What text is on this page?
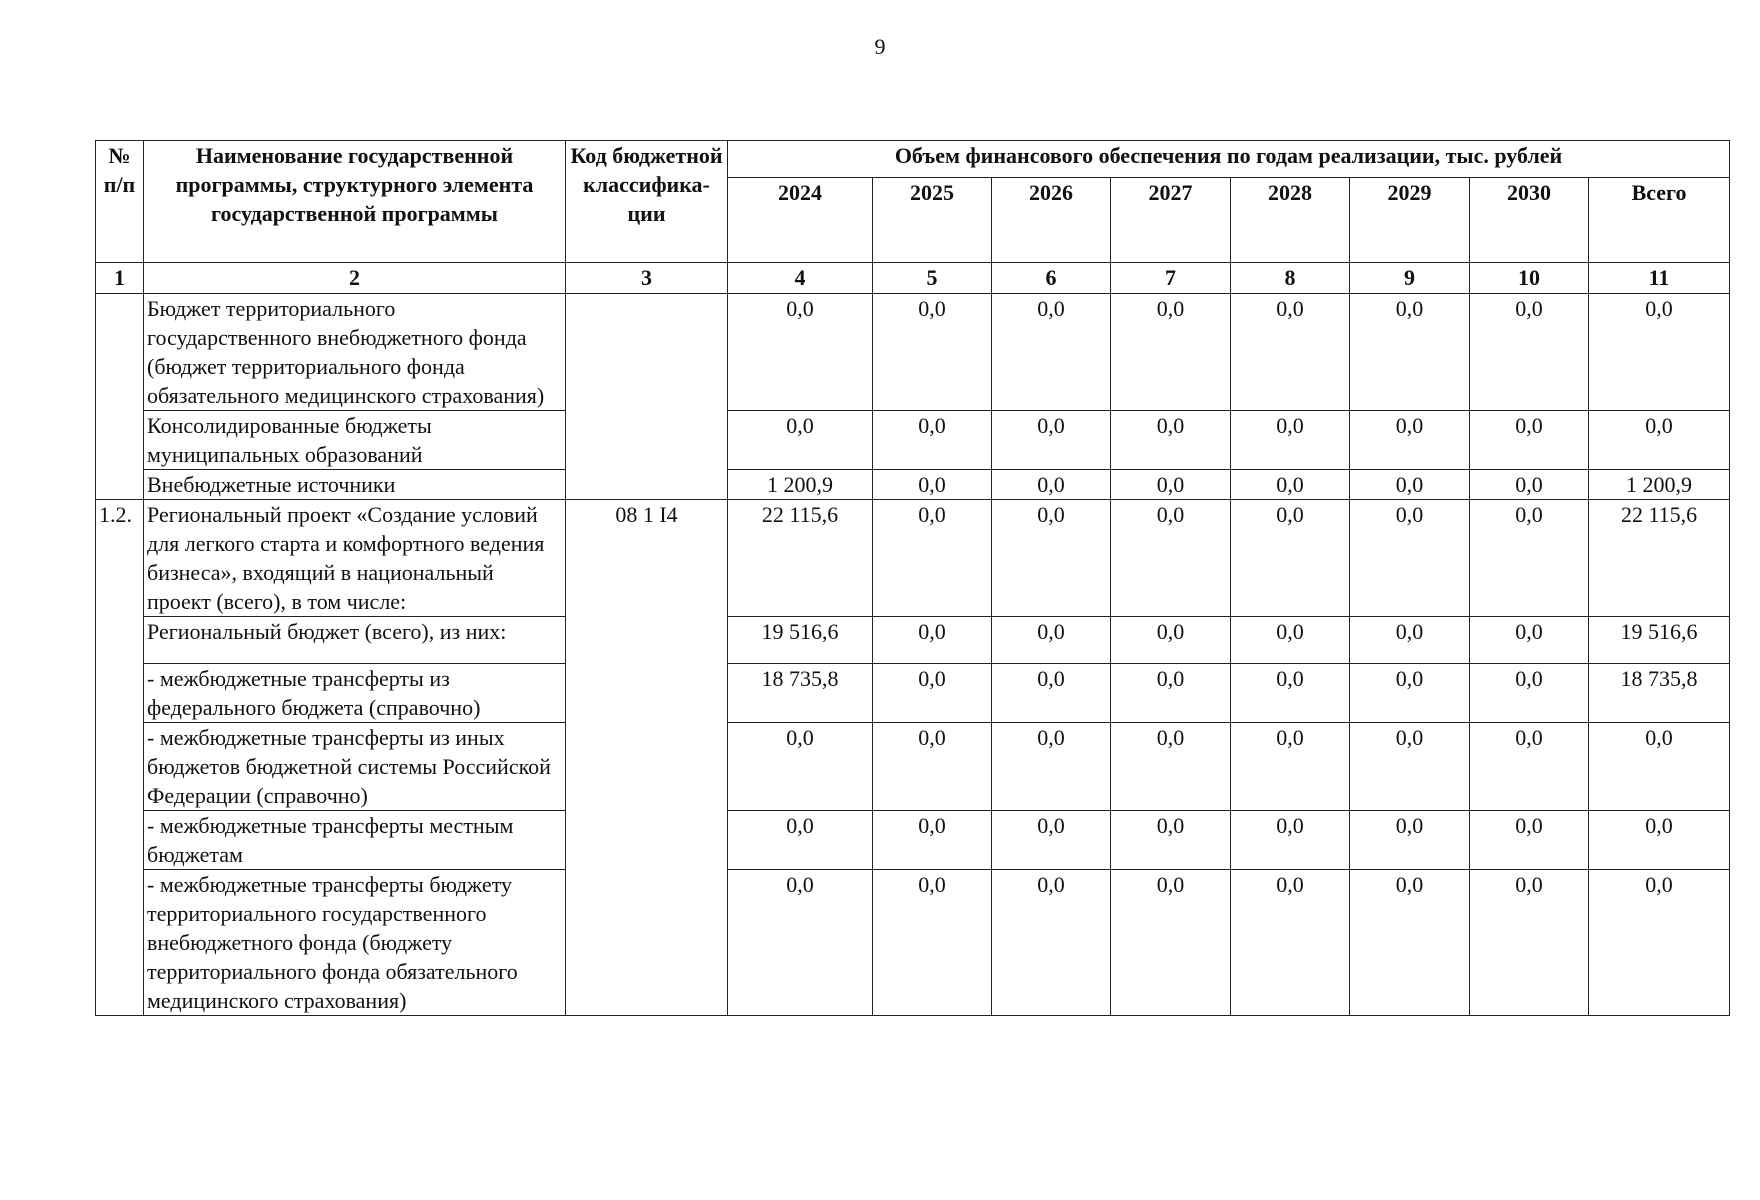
9
№ п/п	Наименование государственной программы, структурного элемента государственной программы	Код бюджетной классифика-ции	Объем финансового обеспечения по годам реализации, тыс. рублей							
			2024	2025	2026	2027	2028	2029	2030	Всего
1	2	3	4	5	6	7	8	9	10	11
	Бюджет территориального государственного внебюджетного фонда (бюджет территориального фонда обязательного медицинского страхования)		0,0	0,0	0,0	0,0	0,0	0,0	0,0	0,0
	Консолидированные бюджеты муниципальных образований		0,0	0,0	0,0	0,0	0,0	0,0	0,0	0,0
	Внебюджетные источники		1 200,9	0,0	0,0	0,0	0,0	0,0	0,0	1 200,9
1.2.	Региональный проект «Создание условий для легкого старта и комфортного ведения бизнеса», входящий в национальный проект (всего), в том числе:	08 1 I4	22 115,6	0,0	0,0	0,0	0,0	0,0	0,0	22 115,6
	Региональный бюджет (всего), из них:		19 516,6	0,0	0,0	0,0	0,0	0,0	0,0	19 516,6
	- межбюджетные трансферты из федерального бюджета (справочно)		18 735,8	0,0	0,0	0,0	0,0	0,0	0,0	18 735,8
	- межбюджетные трансферты из иных бюджетов бюджетной системы Российской Федерации (справочно)		0,0	0,0	0,0	0,0	0,0	0,0	0,0	0,0
	- межбюджетные трансферты местным бюджетам		0,0	0,0	0,0	0,0	0,0	0,0	0,0	0,0
	- межбюджетные трансферты бюджету территориального государственного внебюджетного фонда (бюджету территориального фонда обязательного медицинского страхования)		0,0	0,0	0,0	0,0	0,0	0,0	0,0	0,0
